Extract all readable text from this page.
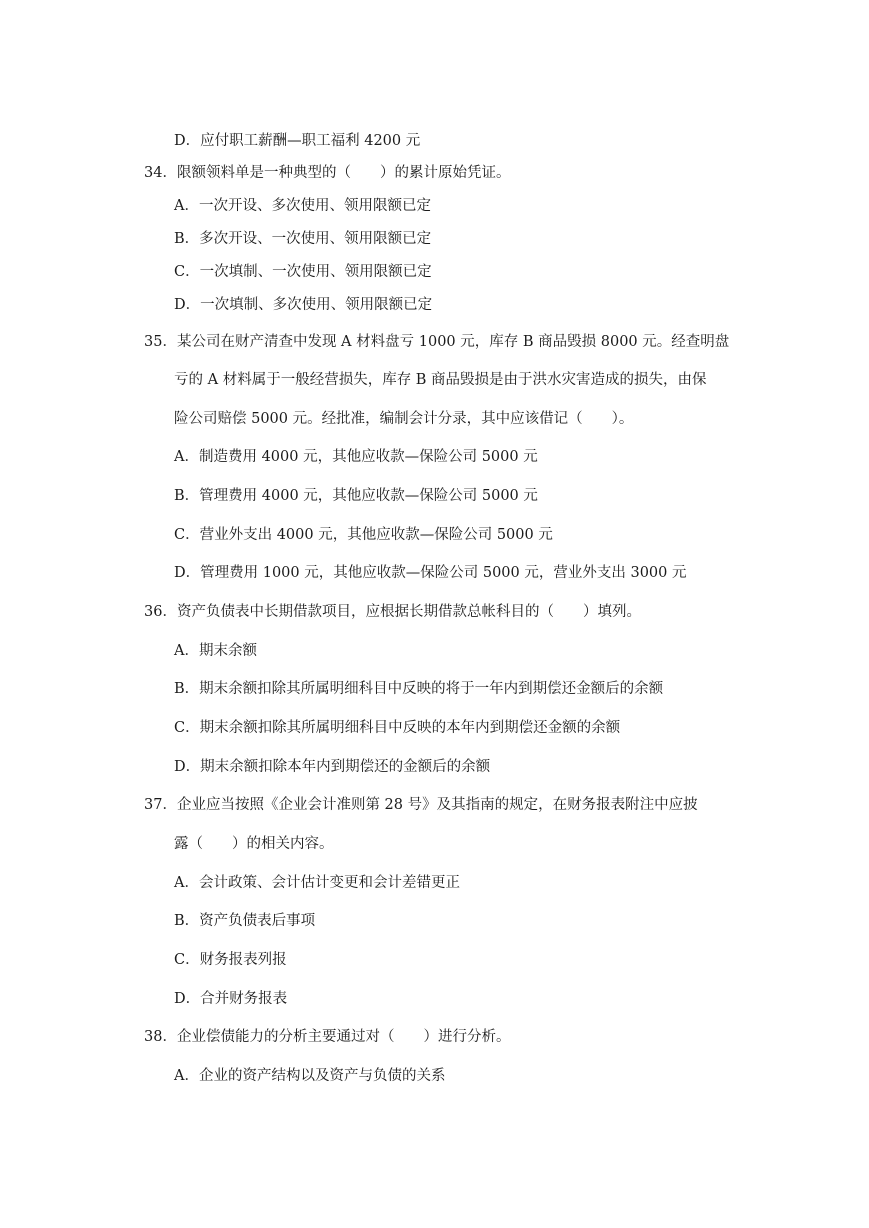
D．应付职工薪酬—职工福利 4200 元
34．限额领料单是一种典型的（　　）的累计原始凭证。
A．一次开设、多次使用、领用限额已定
B．多次开设、一次使用、领用限额已定
C．一次填制、一次使用、领用限额已定
D．一次填制、多次使用、领用限额已定
35．某公司在财产清查中发现 A 材料盘亏 1000 元，库存 B 商品毁损 8000 元。经查明盘
亏的 A 材料属于一般经营损失，库存 B 商品毁损是由于洪水灾害造成的损失，由保
险公司赔偿 5000 元。经批准，编制会计分录，其中应该借记（　　）。
A．制造费用 4000 元，其他应收款—保险公司 5000 元
B．管理费用 4000 元，其他应收款—保险公司 5000 元
C．营业外支出 4000 元，其他应收款—保险公司 5000 元
D．管理费用 1000 元，其他应收款—保险公司 5000 元，营业外支出 3000 元
36．资产负债表中长期借款项目，应根据长期借款总帐科目的（　　）填列。
A．期末余额
B．期末余额扣除其所属明细科目中反映的将于一年内到期偿还金额后的余额
C．期末余额扣除其所属明细科目中反映的本年内到期偿还金额的余额
D．期末余额扣除本年内到期偿还的金额后的余额
37．企业应当按照《企业会计准则第 28 号》及其指南的规定，在财务报表附注中应披
露（　　）的相关内容。
A．会计政策、会计估计变更和会计差错更正
B．资产负债表后事项
C．财务报表列报
D．合并财务报表
38．企业偿债能力的分析主要通过对（　　）进行分析。
A．企业的资产结构以及资产与负债的关系
